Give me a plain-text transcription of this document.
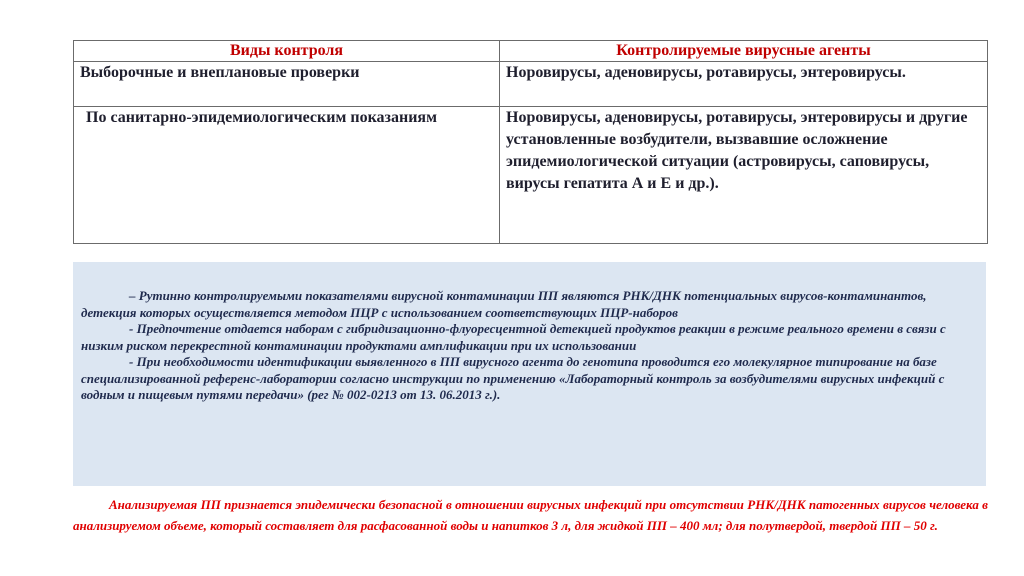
Виды контроля	Контролируемые вирусные агенты
Выборочные и внеплановые проверки	Норовирусы, аденовирусы, ротавирусы, энтеровирусы.
По санитарно-эпидемиологическим показаниям	Норовирусы, аденовирусы, ротавирусы, энтеровирусы и другие установленные возбудители, вызвавшие осложнение эпидемиологической ситуации (астровирусы, саповирусы, вирусы гепатита А и Е и др.).

– Рутинно контролируемыми показателями вирусной контаминации ПП являются РНК/ДНК потенциальных вирусов-контаминантов, детекция которых осуществляется методом ПЦР с использованием соответствующих ПЦР-наборов

- Предпочтение отдается наборам с гибридизационно-флуоресцентной детекцией продуктов реакции в режиме реального времени в связи с низким риском перекрестной контаминации продуктами амплификации при их использовании

- При необходимости идентификации выявленного в ПП вирусного агента до генотипа проводится его молекулярное типирование на базе специализированной референс-лаборатории согласно инструкции по применению «Лабораторный контроль за возбудителями вирусных инфекций с водным и пищевым путями передачи» (рег № 002-0213 от 13. 06.2013 г.).

Анализируемая ПП признается эпидемически безопасной в отношении вирусных инфекций при отсутствии РНК/ДНК патогенных вирусов человека в анализируемом объеме, который составляет для расфасованной воды и напитков 3 л, для жидкой ПП – 400 мл; для полутвердой, твердой ПП – 50 г.
